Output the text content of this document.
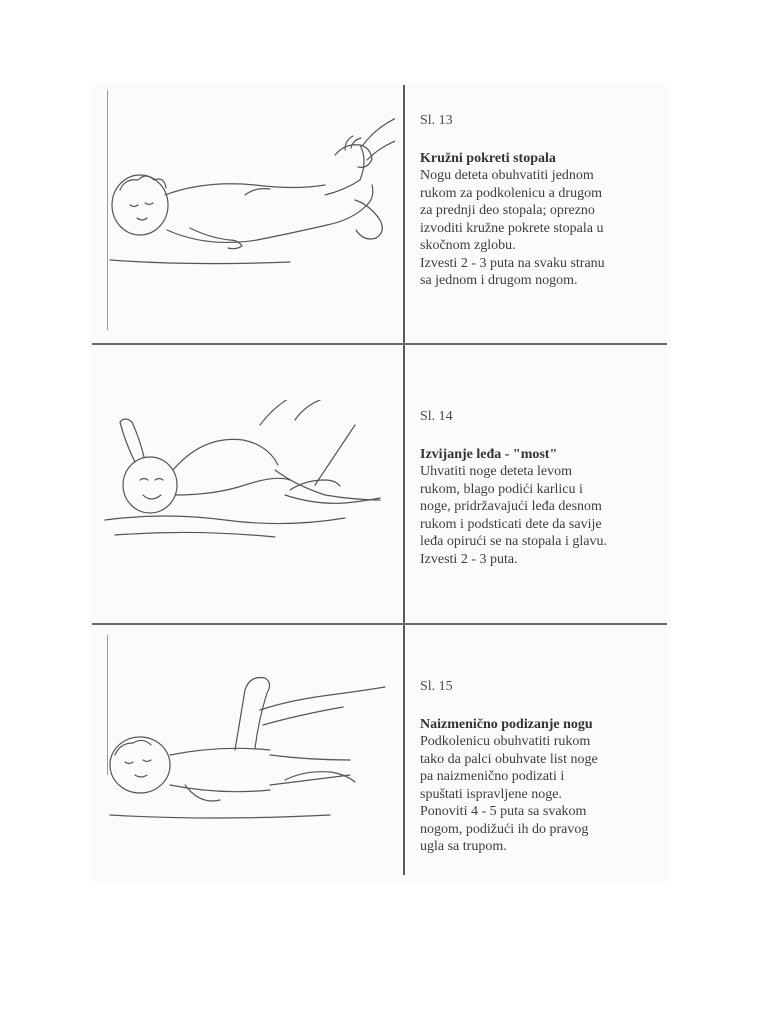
Sl. 13
Kružni pokreti stopala
Nogu deteta obuhvatiti jednom
rukom za podkolenicu a drugom
za prednji deo stopala; oprezno
izvoditi kružne pokrete stopala u
skočnom zglobu.
Izvesti 2 - 3 puta na svaku stranu
sa jednom i drugom nogom.
Sl. 14
Izvijanje leđa - "most"
Uhvatiti noge deteta levom
rukom, blago podići karlicu i
noge, pridržavajući leđa desnom
rukom i podsticati dete da savije
leđa opirući se na stopala i glavu.
Izvesti 2 - 3 puta.
Sl. 15
Naizmenično podizanje nogu
Podkolenicu obuhvatiti rukom
tako da palci obuhvate list noge
pa naizmenično podizati i
spuštati ispravljene noge.
Ponoviti 4 - 5 puta sa svakom
nogom, podižući ih do pravog
ugla sa trupom.
